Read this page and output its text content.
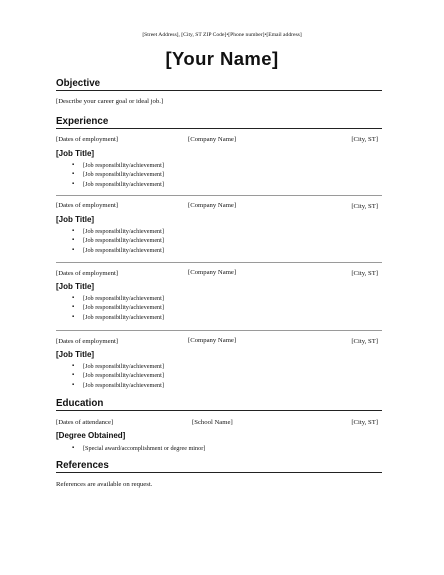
[Street Address], [City, ST ZIP Code]•[Phone number]•[Email address]
[Your Name]
Objective
[Describe your career goal or ideal job.]
Experience
[Dates of employment]	[Company Name]	[City, ST]
[Job Title]
▪ [Job responsibility/achievement]
▪ [Job responsibility/achievement]
▪ [Job responsibility/achievement]
[Dates of employment]	[Company Name]	[City, ST]
[Job Title]
▪ [Job responsibility/achievement]
▪ [Job responsibility/achievement]
▪ [Job responsibility/achievement]
[Dates of employment]	[Company Name]	[City, ST]
[Job Title]
▪ [Job responsibility/achievement]
▪ [Job responsibility/achievement]
▪ [Job responsibility/achievement]
[Dates of employment]	[Company Name]	[City, ST]
[Job Title]
▪ [Job responsibility/achievement]
▪ [Job responsibility/achievement]
▪ [Job responsibility/achievement]
Education
[Dates of attendance]	[School Name]	[City, ST]
[Degree Obtained]
▪ [Special award/accomplishment or degree minor]
References
References are available on request.
